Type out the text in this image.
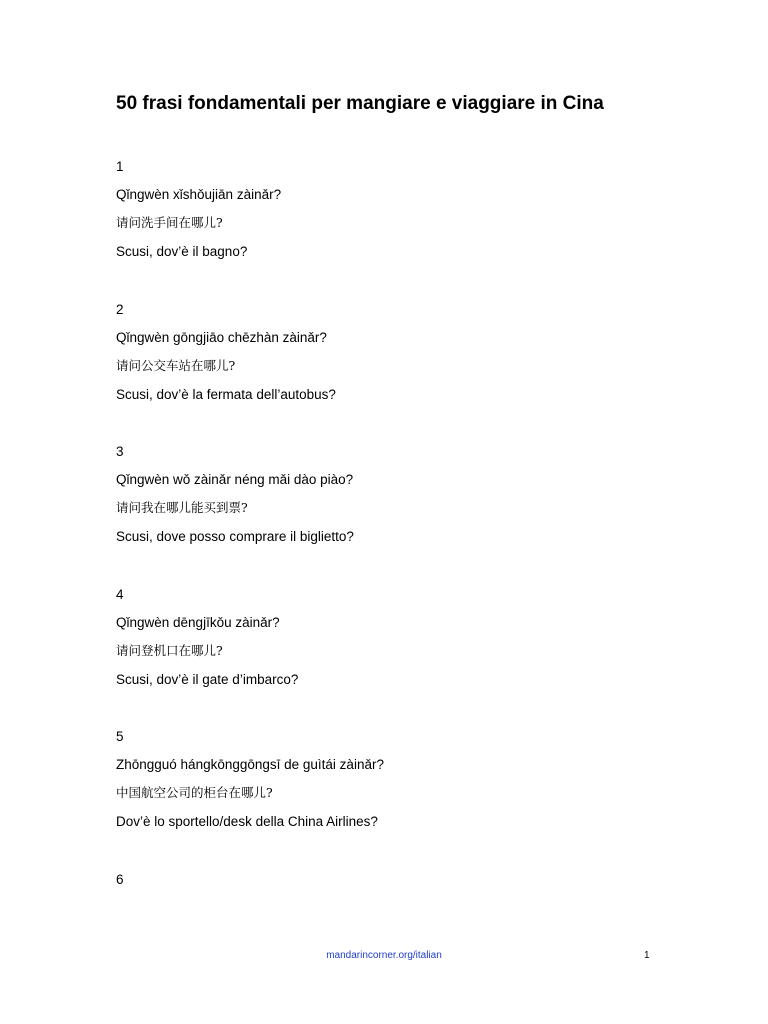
50 frasi fondamentali per mangiare e viaggiare in Cina
1
Qǐngwèn xǐshǒujiān zàinǎr?
请问洗手间在哪儿?
Scusi, dov’è il bagno?
2
Qǐngwèn gōngjiāo chēzhàn zàinǎr?
请问公交车站在哪儿?
Scusi, dov’è la fermata dell’autobus?
3
Qǐngwèn wǒ zàinǎr néng mǎi dào piào?
请问我在哪儿能买到票?
Scusi, dove posso comprare il biglietto?
4
Qǐngwèn dēngjīkǒu zàinǎr?
请问登机口在哪儿?
Scusi, dov’è il gate d’imbarco?
5
Zhōngguó hángkōnggōngsī de guìtái zàinǎr?
中国航空公司的柜台在哪儿?
Dov’è lo sportello/desk della China Airlines?
6
mandarincorner.org/italian	1
